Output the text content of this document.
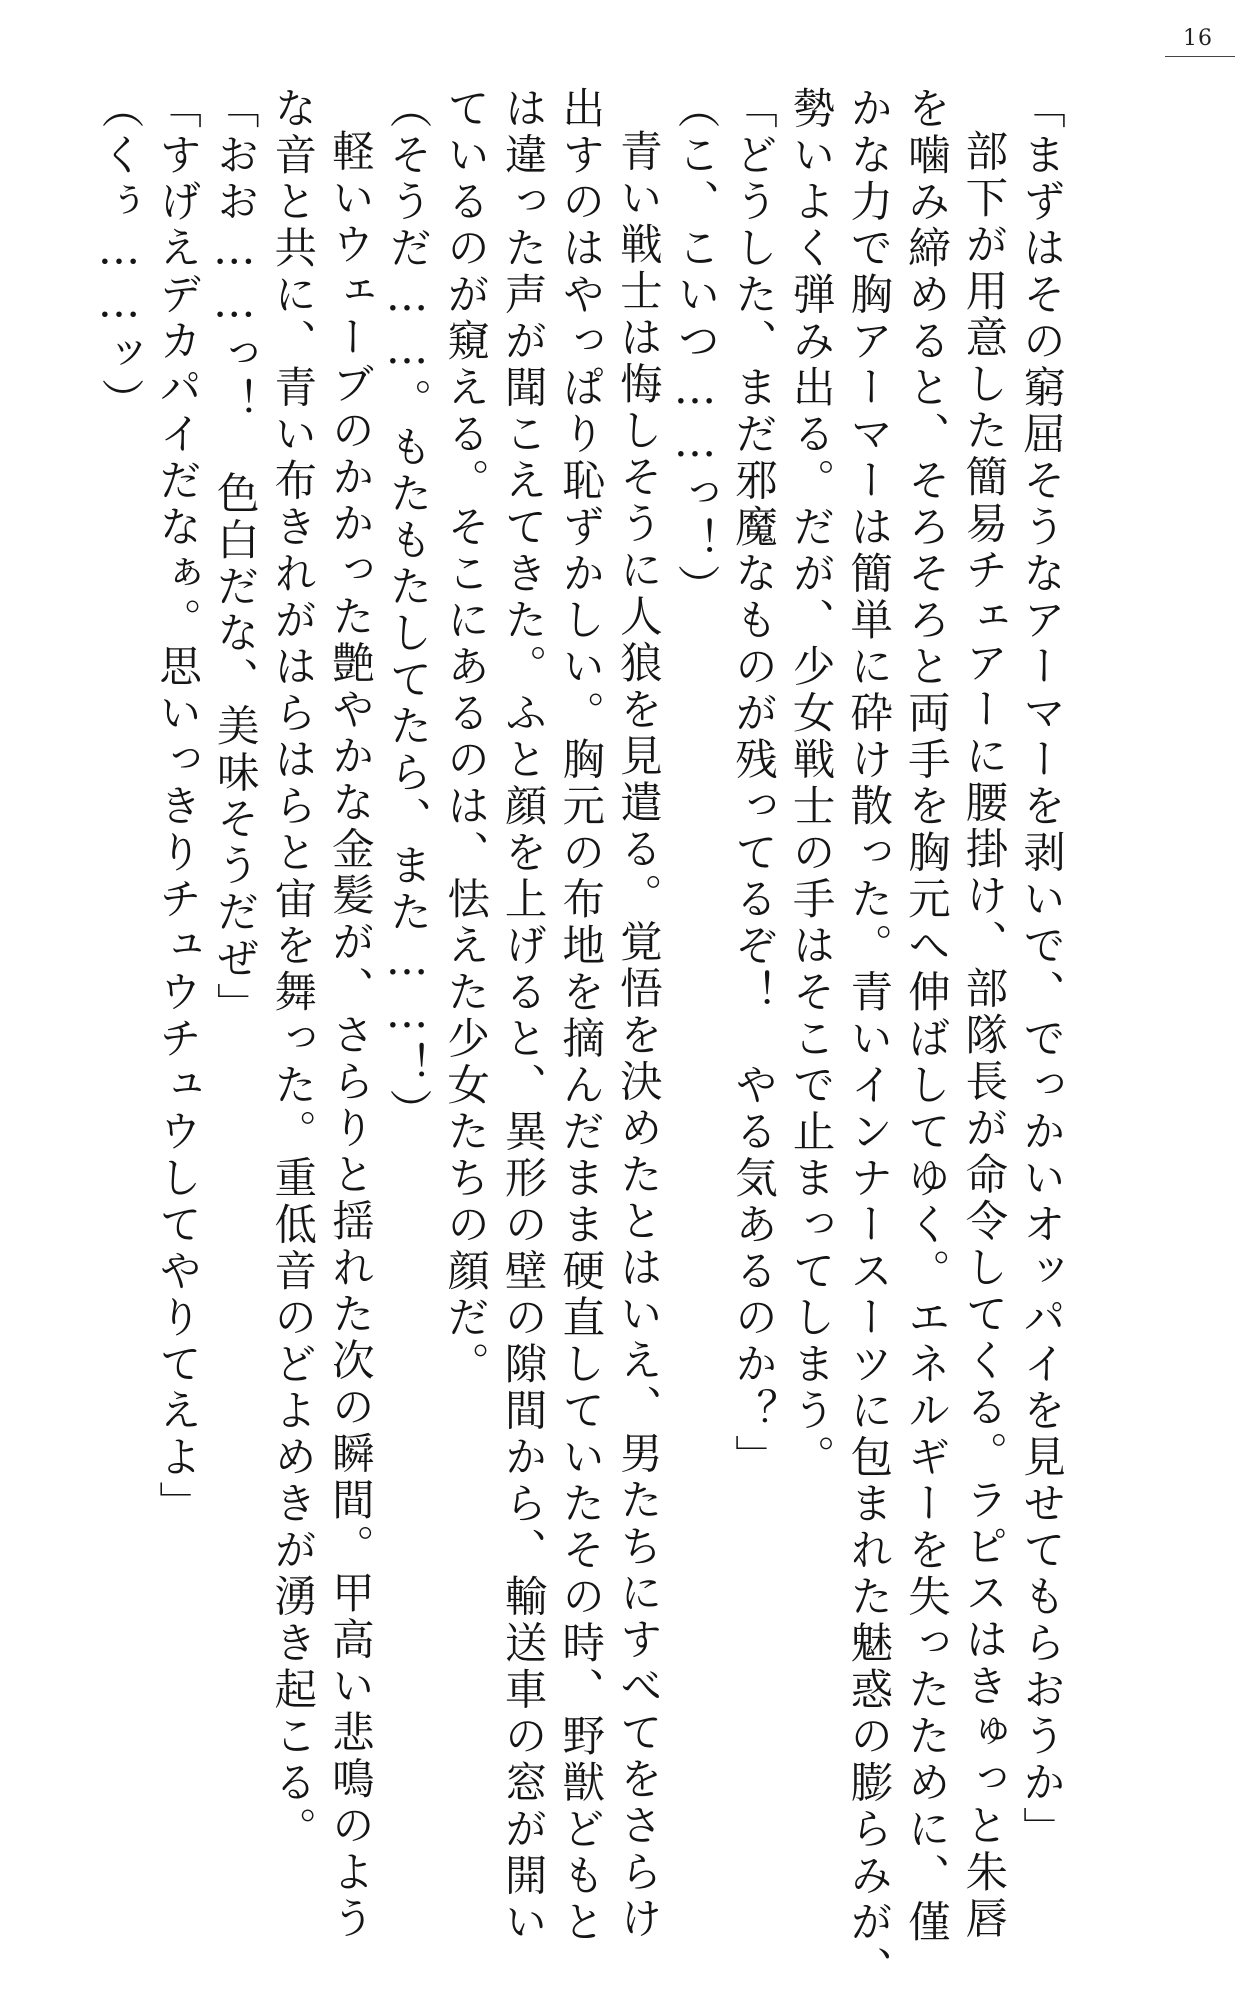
16
「まずはその窮屈そうなアーマーを剥いで、でっかいオッパイを見せてもらおうか」
部下が用意した簡易チェアーに腰掛け、部隊長が命令してくる。ラピスはきゅっと朱唇
を噛み締めると、そろそろと両手を胸元へ伸ばしてゆく。エネルギーを失ったために、僅
かな力で胸アーマーは簡単に砕け散った。青いインナースーツに包まれた魅惑の膨らみが、
勢いよく弾み出る。だが、少女戦士の手はそこで止まってしまう。
「どうした、まだ邪魔なものが残ってるぞ！　やる気あるのか？」
（こ、こいつ……っ！）
青い戦士は悔しそうに人狼を見遣る。覚悟を決めたとはいえ、男たちにすべてをさらけ
出すのはやっぱり恥ずかしい。胸元の布地を摘んだまま硬直していたその時、野獣どもと
は違った声が聞こえてきた。ふと顔を上げると、異形の壁の隙間から、輸送車の窓が開い
ているのが窺える。そこにあるのは、怯えた少女たちの顔だ。
（そうだ……。もたもたしてたら、また……！）
軽いウェーブのかかった艶やかな金髪が、さらりと揺れた次の瞬間。甲高い悲鳴のよう
な音と共に、青い布きれがはらはらと宙を舞った。重低音のどよめきが湧き起こる。
「おお……っ！　色白だな、美味そうだぜ」
「すげえデカパイだなぁ。思いっきりチュウチュウしてやりてえよ」
（くぅ……ッ）
